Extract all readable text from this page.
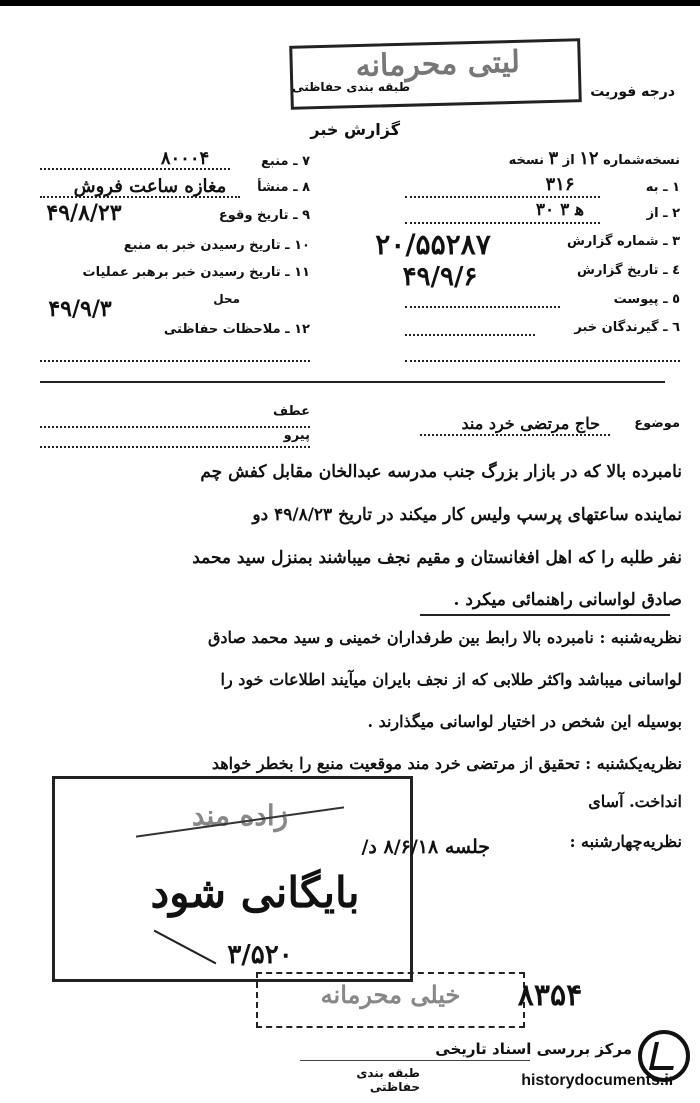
لیتی محرمانه
طبقه بندی حفاظتی	درجه فوریت
گزارش خبر
نسخه‌شماره ۱۲ از ۳ نسخه
۱ ـ به
۳۱۶
۲ ـ از
۳۰ ﻫ ۳
۳ ـ شماره گزارش
۲۰/۵۵۲۸۷
٤ ـ تاریخ گزارش
۴۹/۹/۶
٥ ـ پیوست
٦ ـ گیرندگان خبر
۷ ـ منبع
۸۰۰۰۴
۸ ـ منشأ
مغازه ساعت فروش
۹ ـ تاریخ وقوع
۴۹/۸/۲۳
۱۰ ـ تاریخ رسیدن خبر به منبع
۱۱ ـ تاریخ رسیدن خبر برهبر عملیات
محل
۴۹/۹/۳
۱۲ ـ ملاحظات حفاظتی
عطف
پیرو
موضوع
حاج مرتضی خرد مند
نامبرده بالا که در بازار بزرگ جنب مدرسه عبدالخان مقابل کفش چم
نماینده ساعتهای پرسپ ولیس کار میکند در تاریخ ۴۹/۸/۲۳ دو
نفر طلبه را که اهل افغانستان و مقیم نجف میباشند بمنزل سید محمد
صادق لواسانی راهنمائی میکرد .
نظریه‌شنبه : نامبرده بالا رابط بین طرفداران خمینی و سید محمد صادق
لواسانی میباشد واکثر طلابی که از نجف بایران میآیند اطلاعات خود را
بوسیله این شخص در اختیار لواسانی میگذارند .
نظریه‌یکشنبه : تحقیق از مرتضی خرد مند موقعیت منبع را بخطر خواهد
انداخت. آسای
نظریه‌چهارشنبه :
زاده مند
جلسه ۸/۶/۱۸ د/
بایگانی شود
۳/۵۲۰
خیلی محرمانه	۸۳۵۴
طبقه بندی حفاظتی
مرکز بررسی اسناد تاریخی
historydocuments.ir
